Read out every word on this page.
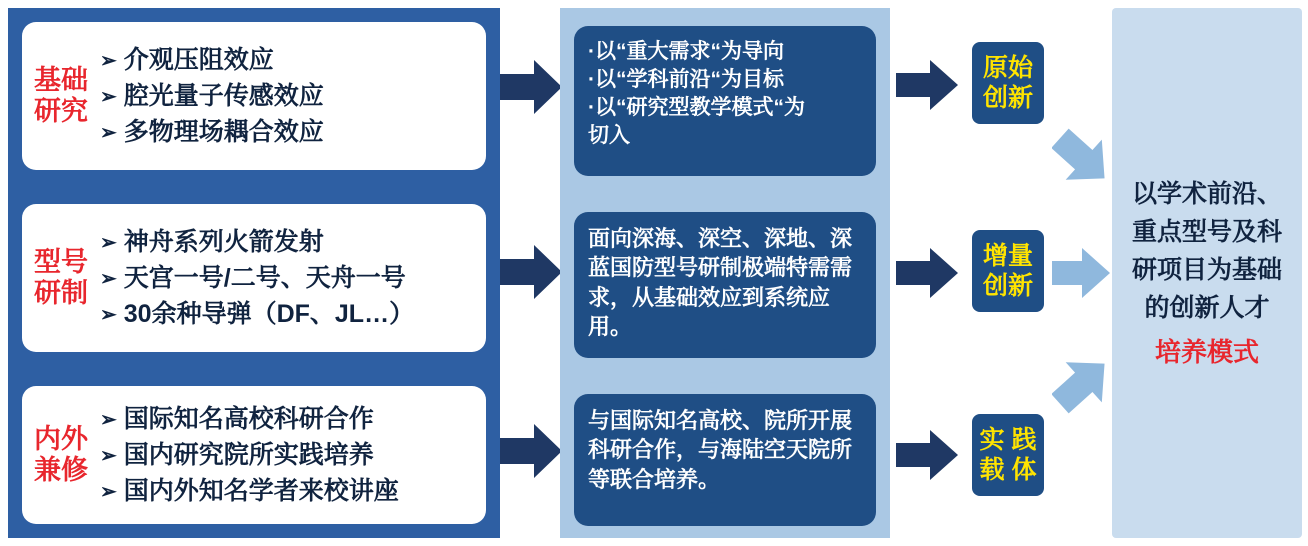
基础
研究
➢ 介观压阻效应
➢ 腔光量子传感效应
➢ 多物理场耦合效应
型号
研制
➢ 神舟系列火箭发射
➢ 天宫一号/二号、天舟一号
➢ 30余种导弹（DF、JL…）
内外
兼修
➢ 国际知名高校科研合作
➢ 国内研究院所实践培养
➢ 国内外知名学者来校讲座
·以“重大需求“为导向
·以“学科前沿“为目标
·以“研究型教学模式“为
切入
面向深海、深空、深地、深蓝国防型号研制极端特需需求，从基础效应到系统应用。
与国际知名高校、院所开展科研合作，与海陆空天院所等联合培养。
原始
创新
增量
创新
实 践
载 体
以学术前沿、重点型号及科研项目为基础的创新人才
培养模式
